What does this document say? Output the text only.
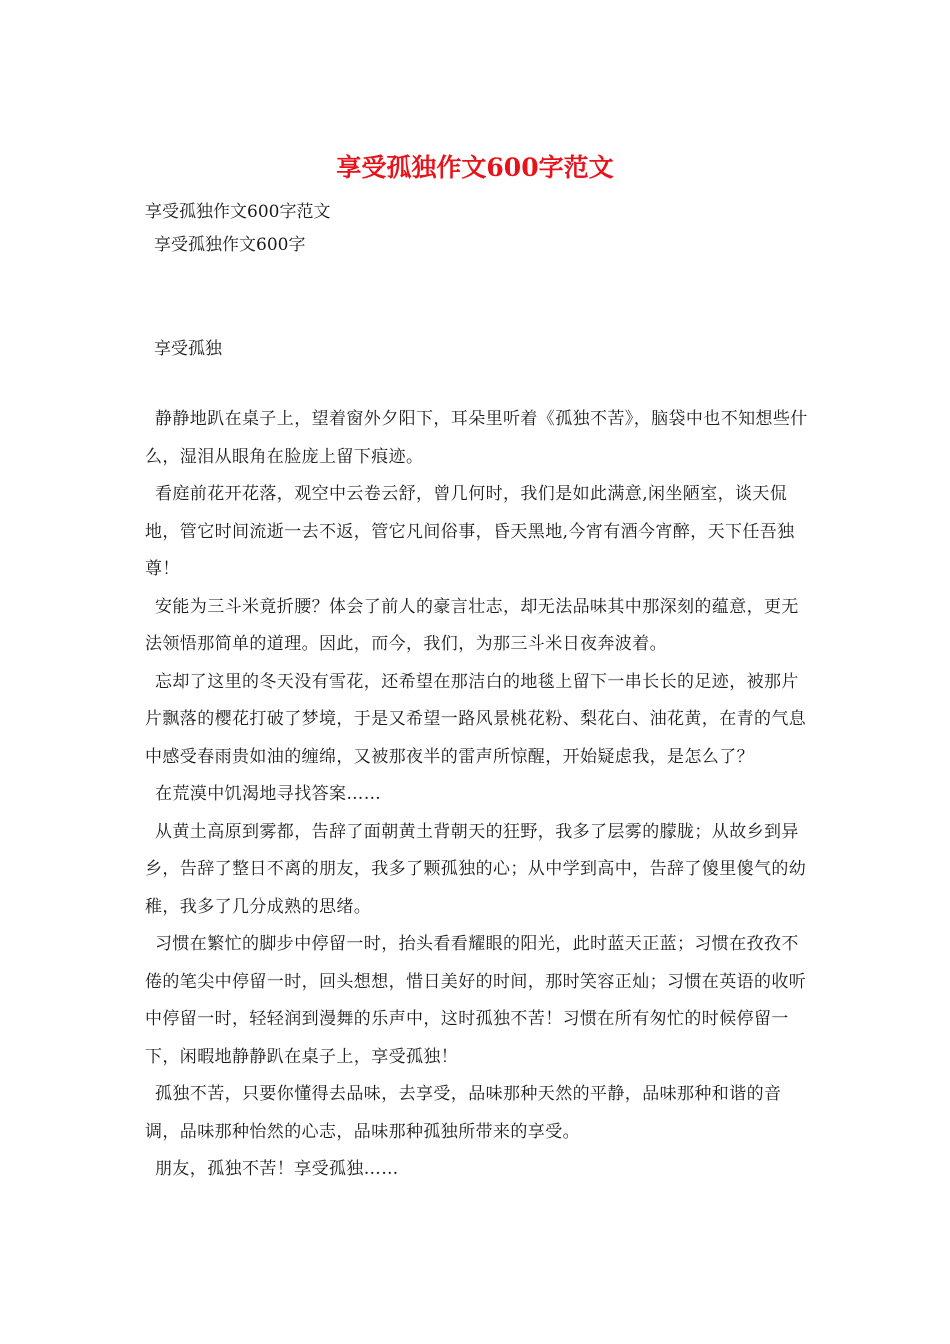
享受孤独作文600字范文
享受孤独作文600字范文
享受孤独作文600字
享受孤独

静静地趴在桌子上，望着窗外夕阳下，耳朵里听着《孤独不苦》，脑袋中也不知想些什么，湿泪从眼角在脸庞上留下痕迹。

看庭前花开花落，观空中云卷云舒，曾几何时，我们是如此满意,闲坐陋室，谈天侃地，管它时间流逝一去不返，管它凡间俗事，昏天黑地,今宵有酒今宵醉，天下任吾独尊！

安能为三斗米竟折腰？体会了前人的豪言壮志，却无法品味其中那深刻的蕴意，更无法领悟那简单的道理。因此，而今，我们，为那三斗米日夜奔波着。

忘却了这里的冬天没有雪花，还希望在那洁白的地毯上留下一串长长的足迹，被那片片飘落的樱花打破了梦境，于是又希望一路风景桃花粉、梨花白、油花黄，在青的气息中感受春雨贵如油的缠绵，又被那夜半的雷声所惊醒，开始疑虑我，是怎么了？

在荒漠中饥渴地寻找答案……

从黄土高原到雾都，告辞了面朝黄土背朝天的狂野，我多了层雾的朦胧；从故乡到异乡，告辞了整日不离的朋友，我多了颗孤独的心；从中学到高中，告辞了傻里傻气的幼稚，我多了几分成熟的思绪。

习惯在繁忙的脚步中停留一时，抬头看看耀眼的阳光，此时蓝天正蓝；习惯在孜孜不倦的笔尖中停留一时，回头想想，惜日美好的时间，那时笑容正灿；习惯在英语的收听中停留一时，轻轻润到漫舞的乐声中，这时孤独不苦！习惯在所有匆忙的时候停留一下，闲暇地静静趴在桌子上，享受孤独！

孤独不苦，只要你懂得去品味，去享受，品味那种天然的平静，品味那种和谐的音调，品味那种怡然的心志，品味那种孤独所带来的享受。

朋友，孤独不苦！享受孤独……
